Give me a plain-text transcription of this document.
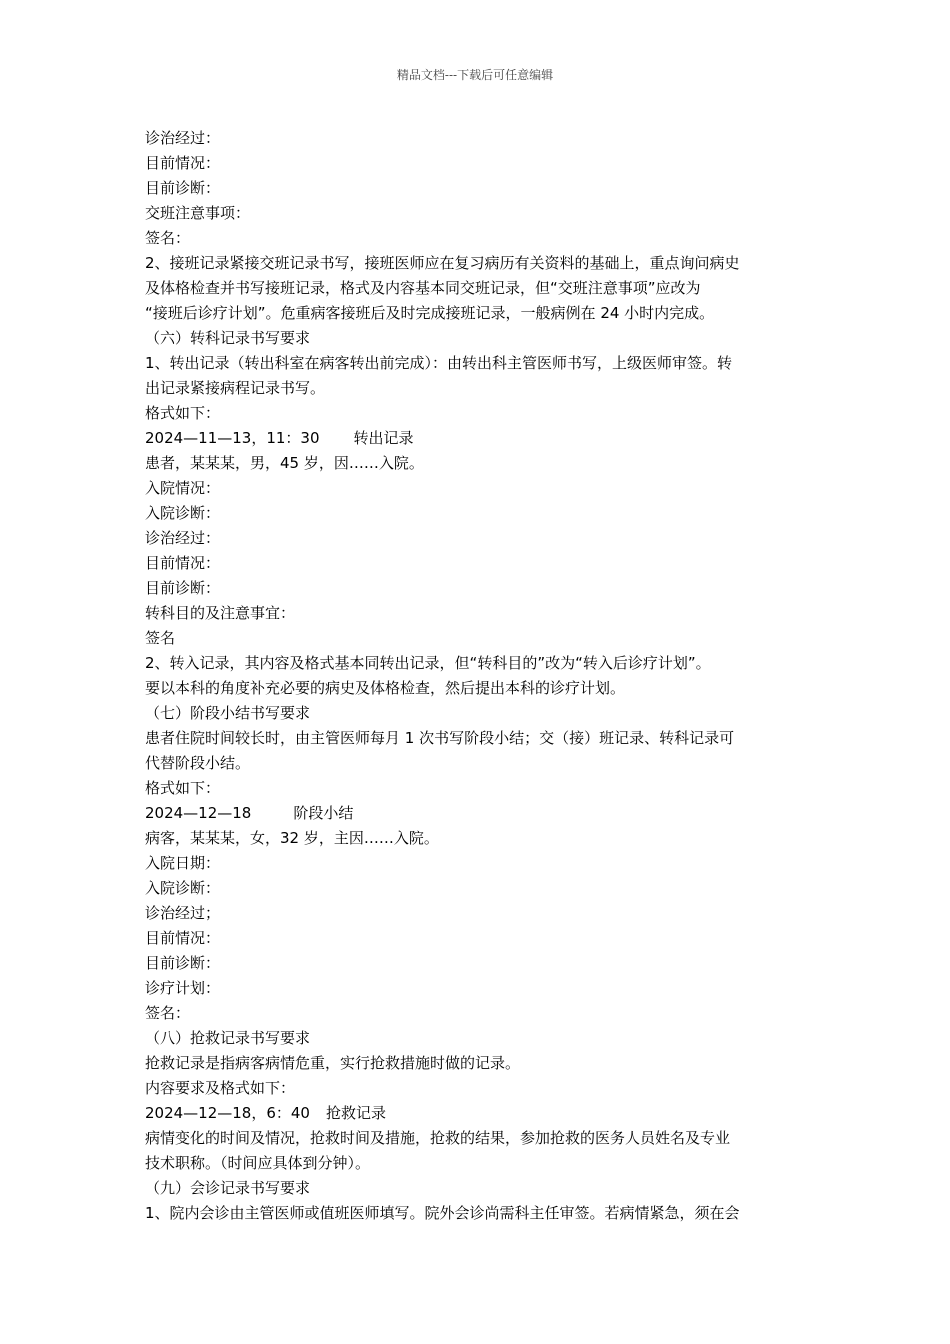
精品文档---下载后可任意编辑
诊治经过：
目前情况：
目前诊断：
交班注意事项：
签名：
2、接班记录紧接交班记录书写，接班医师应在复习病历有关资料的基础上，重点询问病史
及体格检查并书写接班记录，格式及内容基本同交班记录，但“交班注意事项”应改为
“接班后诊疗计划”。危重病客接班后及时完成接班记录，一般病例在 24 小时内完成。
（六）转科记录书写要求
1、转出记录（转出科室在病客转出前完成）：由转出科主管医师书写，上级医师审签。转
出记录紧接病程记录书写。
格式如下：
2024—11—13，11：30 转出记录
患者，某某某，男，45 岁，因……入院。
入院情况：
入院诊断：
诊治经过：
目前情况：
目前诊断：
转科目的及注意事宜：
签名
2、转入记录，其内容及格式基本同转出记录，但“转科目的”改为“转入后诊疗计划”。
要以本科的角度补充必要的病史及体格检查，然后提出本科的诊疗计划。
（七）阶段小结书写要求
患者住院时间较长时，由主管医师每月 1 次书写阶段小结；交（接）班记录、转科记录可
代替阶段小结。
格式如下：
2024—12—18	阶段小结
病客，某某某，女，32 岁，主因……入院。
入院日期：
入院诊断：
诊治经过；
目前情况：
目前诊断：
诊疗计划：
签名：
（八）抢救记录书写要求
抢救记录是指病客病情危重，实行抢救措施时做的记录。
内容要求及格式如下：
2024—12—18，6：40 抢救记录
病情变化的时间及情况，抢救时间及措施，抢救的结果，参加抢救的医务人员姓名及专业
技术职称。（时间应具体到分钟）。
（九）会诊记录书写要求
1、院内会诊由主管医师或值班医师填写。院外会诊尚需科主任审签。若病情紧急，须在会
